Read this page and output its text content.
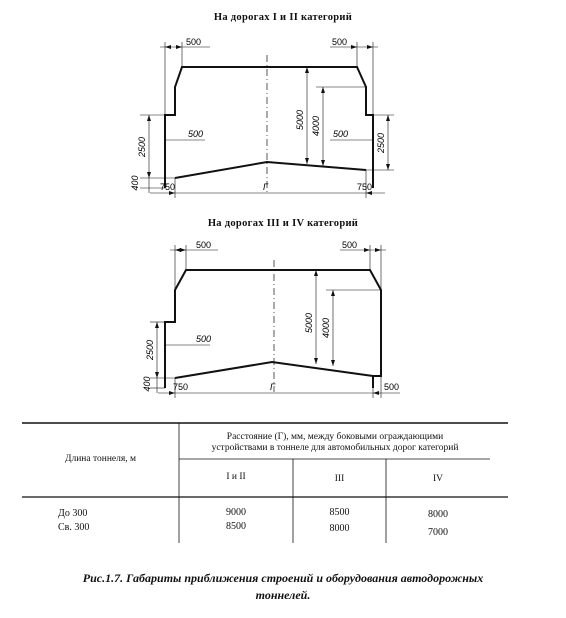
На дорогах I и II категорий
На дорогах III и IV категорий
500	500
5000 4000
2500	2500
500	500
400 750	750
Г
500	500
5000 4000
2500
500
400 750	500
Г
Длина тоннеля, м
Расстояние (Г), мм, между боковыми ограждающими
устройствами в тоннеле для автомобильных дорог категорий
I и II	III	IV
До 300	9000	8500	8000
Св. 300	8500	8000	7000
Рис.1.7. Габариты приближения строений и оборудования автодорожных
тоннелей.
